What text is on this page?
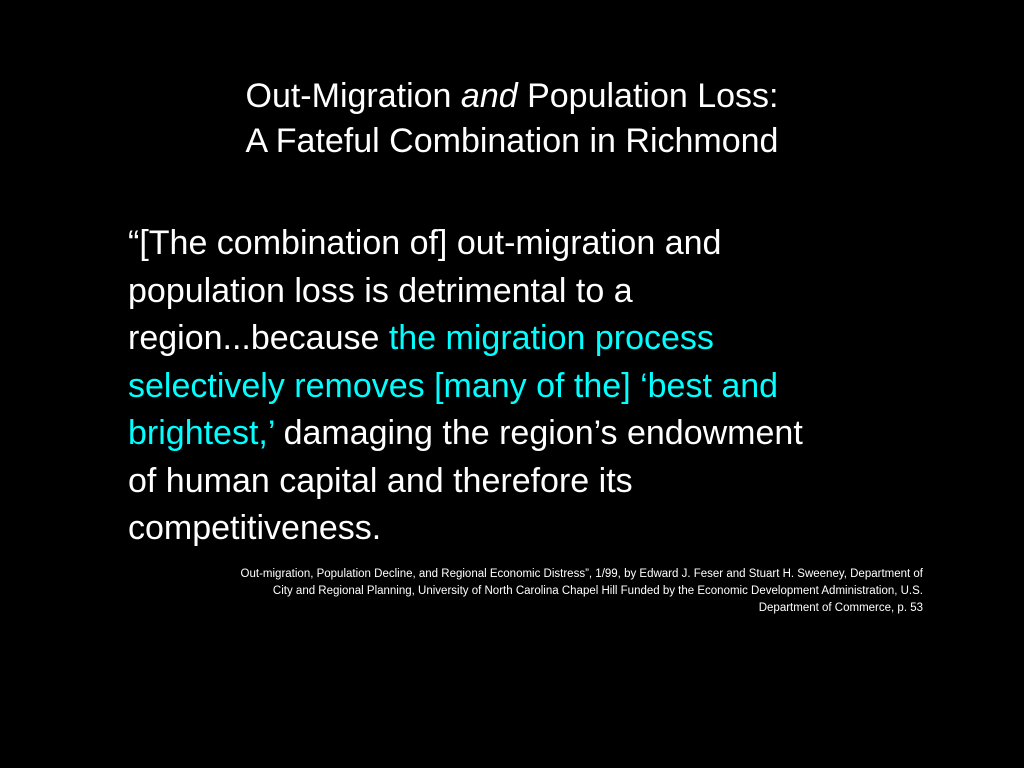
Out-Migration and Population Loss:
A Fateful Combination in Richmond
“[The combination of] out-migration and
population loss is detrimental to a
region...because the migration process
selectively removes [many of the] ‘best and
brightest,’ damaging the region’s endowment
of human capital and therefore its
competitiveness.
Out-migration, Population Decline, and Regional Economic Distress”, 1/99, by Edward J. Feser and Stuart H. Sweeney, Department of
City and Regional Planning, University of North Carolina Chapel Hill Funded by the Economic Development Administration, U.S.
Department of Commerce, p. 53
